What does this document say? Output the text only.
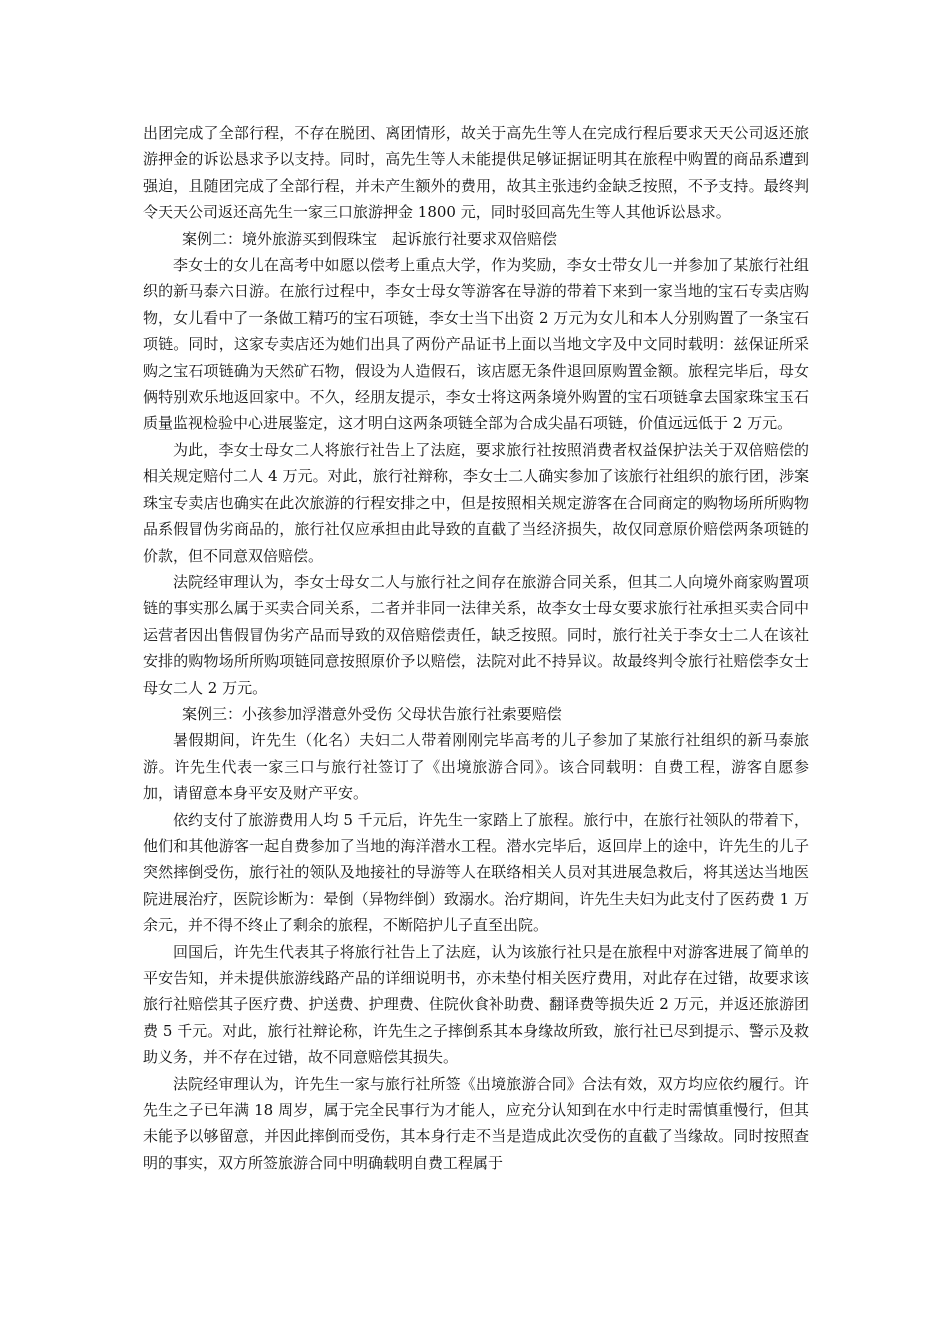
出团完成了全部行程，不存在脱团、离团情形，故关于高先生等人在完成行程后要求天天公司返还旅游押金的诉讼恳求予以支持。同时，高先生等人未能提供足够证据证明其在旅程中购置的商品系遭到强迫，且随团完成了全部行程，并未产生额外的费用，故其主张违约金缺乏按照，不予支持。最终判令天天公司返还高先生一家三口旅游押金 1800 元，同时驳回高先生等人其他诉讼恳求。

案例二：境外旅游买到假珠宝　起诉旅行社要求双倍赔偿

李女士的女儿在高考中如愿以偿考上重点大学，作为奖励，李女士带女儿一并参加了某旅行社组织的新马泰六日游。在旅行过程中，李女士母女等游客在导游的带着下来到一家当地的宝石专卖店购物，女儿看中了一条做工精巧的宝石项链，李女士当下出资 2 万元为女儿和本人分别购置了一条宝石项链。同时，这家专卖店还为她们出具了两份产品证书上面以当地文字及中文同时载明：兹保证所采购之宝石项链确为天然矿石物，假设为人造假石，该店愿无条件退回原购置金额。旅程完毕后，母女俩特别欢乐地返回家中。不久，经朋友提示，李女士将这两条境外购置的宝石项链拿去国家珠宝玉石质量监视检验中心进展鉴定，这才明白这两条项链全部为合成尖晶石项链，价值远远低于 2 万元。

为此，李女士母女二人将旅行社告上了法庭，要求旅行社按照消费者权益保护法关于双倍赔偿的相关规定赔付二人 4 万元。对此，旅行社辩称，李女士二人确实参加了该旅行社组织的旅行团，涉案珠宝专卖店也确实在此次旅游的行程安排之中，但是按照相关规定游客在合同商定的购物场所所购物品系假冒伪劣商品的，旅行社仅应承担由此导致的直截了当经济损失，故仅同意原价赔偿两条项链的价款，但不同意双倍赔偿。

法院经审理认为，李女士母女二人与旅行社之间存在旅游合同关系，但其二人向境外商家购置项链的事实那么属于买卖合同关系，二者并非同一法律关系，故李女士母女要求旅行社承担买卖合同中运营者因出售假冒伪劣产品而导致的双倍赔偿责任，缺乏按照。同时，旅行社关于李女士二人在该社安排的购物场所所购项链同意按照原价予以赔偿，法院对此不持异议。故最终判令旅行社赔偿李女士母女二人 2 万元。

案例三：小孩参加浮潜意外受伤 父母状告旅行社索要赔偿

暑假期间，许先生（化名）夫妇二人带着刚刚完毕高考的儿子参加了某旅行社组织的新马泰旅游。许先生代表一家三口与旅行社签订了《出境旅游合同》。该合同载明：自费工程，游客自愿参加，请留意本身平安及财产平安。

依约支付了旅游费用人均 5 千元后，许先生一家踏上了旅程。旅行中，在旅行社领队的带着下，他们和其他游客一起自费参加了当地的海洋潜水工程。潜水完毕后，返回岸上的途中，许先生的儿子突然摔倒受伤，旅行社的领队及地接社的导游等人在联络相关人员对其进展急救后，将其送达当地医院进展治疗，医院诊断为：晕倒（异物绊倒）致溺水。治疗期间，许先生夫妇为此支付了医药费 1 万余元，并不得不终止了剩余的旅程，不断陪护儿子直至出院。

回国后，许先生代表其子将旅行社告上了法庭，认为该旅行社只是在旅程中对游客进展了简单的平安告知，并未提供旅游线路产品的详细说明书，亦未垫付相关医疗费用，对此存在过错，故要求该旅行社赔偿其子医疗费、护送费、护理费、住院伙食补助费、翻译费等损失近 2 万元，并返还旅游团费 5 千元。对此，旅行社辩论称，许先生之子摔倒系其本身缘故所致，旅行社已尽到提示、警示及救助义务，并不存在过错，故不同意赔偿其损失。

法院经审理认为，许先生一家与旅行社所签《出境旅游合同》合法有效，双方均应依约履行。许先生之子已年满 18 周岁，属于完全民事行为才能人，应充分认知到在水中行走时需慎重慢行，但其未能予以够留意，并因此摔倒而受伤，其本身行走不当是造成此次受伤的直截了当缘故。同时按照查明的事实，双方所签旅游合同中明确载明自费工程属于
